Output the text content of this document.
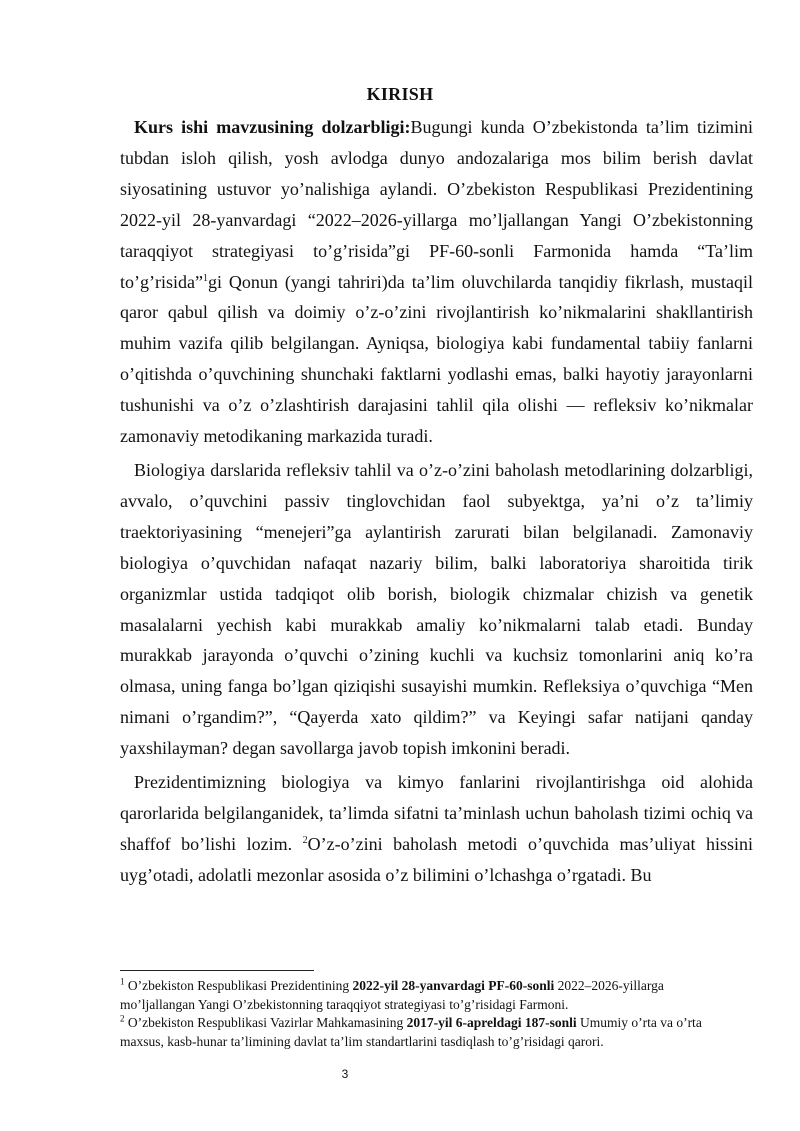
KIRISH

Kurs ishi mavzusining dolzarbligi:Bugungi kunda O’zbekistonda ta’lim tizimini tubdan isloh qilish, yosh avlodga dunyo andozalariga mos bilim berish davlat siyosatining ustuvor yo’nalishiga aylandi. O’zbekiston Respublikasi Prezidentining 2022-yil 28-yanvardagi “2022–2026-yillarga mo’ljallangan Yangi O’zbekistonning taraqqiyot strategiyasi to’g’risida”gi PF-60-sonli Farmonida hamda “Ta’lim to’g’risida”$^1$gi Qonun (yangi tahriri)da ta’lim oluvchilarda tanqidiy fikrlash, mustaqil qaror qabul qilish va doimiy o’z-o’zini rivojlantirish ko’nikmalarini shakllantirish muhim vazifa qilib belgilangan. Ayniqsa, biologiya kabi fundamental tabiiy fanlarni o’qitishda o’quvchining shunchaki faktlarni yodlashi emas, balki hayotiy jarayonlarni tushunishi va o’z o’zlashtirish darajasini tahlil qila olishi — refleksiv ko’nikmalar zamonaviy metodikaning markazida turadi.

Biologiya darslarida refleksiv tahlil va o’z-o’zini baholash metodlarining dolzarbligi, avvalo, o’quvchini passiv tinglovchidan faol subyektga, ya’ni o’z ta’limiy traektoriyasining “menejeri”ga aylantirish zarurati bilan belgilanadi. Zamonaviy biologiya o’quvchidan nafaqat nazariy bilim, balki laboratoriya sharoitida tirik organizmlar ustida tadqiqot olib borish, biologik chizmalar chizish va genetik masalalarni yechish kabi murakkab amaliy ko’nikmalarni talab etadi. Bunday murakkab jarayonda o’quvchi o’zining kuchli va kuchsiz tomonlarini aniq ko’ra olmasa, uning fanga bo’lgan qiziqishi susayishi mumkin. Refleksiya o’quvchiga “Men nimani o’rgandim?”, “Qayerda xato qildim?” va Keyingi safar natijani qanday yaxshilayman? degan savollarga javob topish imkonini beradi.

Prezidentimizning biologiya va kimyo fanlarini rivojlantirishga oid alohida qarorlarida belgilanganidek, ta’limda sifatni ta’minlash uchun baholash tizimi ochiq va shaffof bo’lishi lozim. $^2$O’z-o’zini baholash metodi o’quvchida mas’uliyat hissini uyg’otadi, adolatli mezonlar asosida o’z bilimini o’lchashga o’rgatadi. Bu

$^1$ O’zbekiston Respublikasi Prezidentining 2022-yil 28-yanvardagi PF-60-sonli 2022–2026-yillarga mo’ljallangan Yangi O’zbekistonning taraqqiyot strategiyasi to’g’risidagi Farmoni.

$^2$ O’zbekiston Respublikasi Vazirlar Mahkamasining 2017-yil 6-apreldagi 187-sonli Umumiy o’rta va o’rta maxsus, kasb-hunar ta’limining davlat ta’lim standartlarini tasdiqlash to’g’risidagi qarori.

3
